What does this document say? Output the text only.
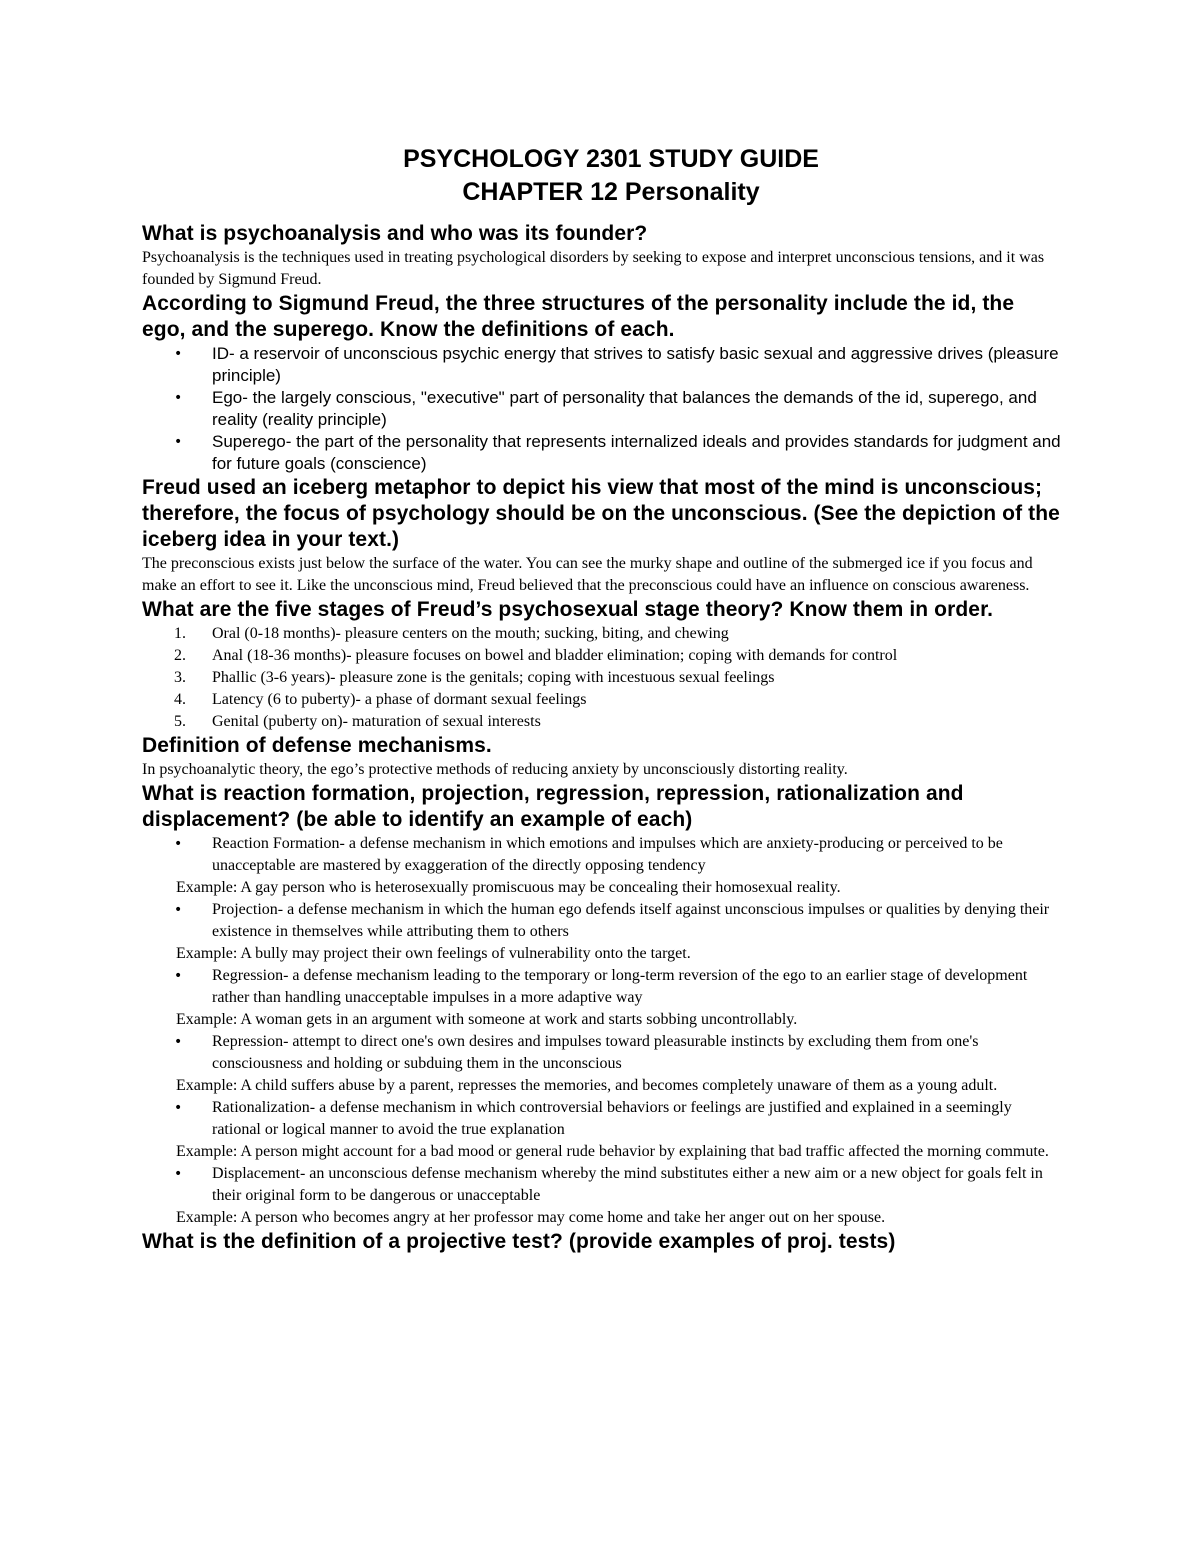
PSYCHOLOGY 2301 STUDY GUIDE

CHAPTER 12 Personality

What is psychoanalysis and who was its founder?

Psychoanalysis is the techniques used in treating psychological disorders by seeking to expose and interpret unconscious tensions, and it was founded by Sigmund Freud.

According to Sigmund Freud, the three structures of the personality include the id, the ego, and the superego. Know the definitions of each.

• ID- a reservoir of unconscious psychic energy that strives to satisfy basic sexual and aggressive drives (pleasure principle)

• Ego- the largely conscious, "executive" part of personality that balances the demands of the id, superego, and reality (reality principle)

• Superego- the part of the personality that represents internalized ideals and provides standards for judgment and for future goals (conscience)

Freud used an iceberg metaphor to depict his view that most of the mind is unconscious; therefore, the focus of psychology should be on the unconscious. (See the depiction of the iceberg idea in your text.)

The preconscious exists just below the surface of the water. You can see the murky shape and outline of the submerged ice if you focus and make an effort to see it. Like the unconscious mind, Freud believed that the preconscious could have an influence on conscious awareness.

What are the five stages of Freud’s psychosexual stage theory? Know them in order.

1. Oral (0-18 months)- pleasure centers on the mouth; sucking, biting, and chewing

2. Anal (18-36 months)- pleasure focuses on bowel and bladder elimination; coping with demands for control

3. Phallic (3-6 years)- pleasure zone is the genitals; coping with incestuous sexual feelings

4. Latency (6 to puberty)- a phase of dormant sexual feelings

5. Genital (puberty on)- maturation of sexual interests

Definition of defense mechanisms.

In psychoanalytic theory, the ego’s protective methods of reducing anxiety by unconsciously distorting reality.

What is reaction formation, projection, regression, repression, rationalization and displacement? (be able to identify an example of each)

• Reaction Formation- a defense mechanism in which emotions and impulses which are anxiety-producing or perceived to be unacceptable are mastered by exaggeration of the directly opposing tendency

Example: A gay person who is heterosexually promiscuous may be concealing their homosexual reality.

• Projection- a defense mechanism in which the human ego defends itself against unconscious impulses or qualities by denying their existence in themselves while attributing them to others

Example: A bully may project their own feelings of vulnerability onto the target.

• Regression- a defense mechanism leading to the temporary or long-term reversion of the ego to an earlier stage of development rather than handling unacceptable impulses in a more adaptive way

Example: A woman gets in an argument with someone at work and starts sobbing uncontrollably.

• Repression- attempt to direct one's own desires and impulses toward pleasurable instincts by excluding them from one's consciousness and holding or subduing them in the unconscious

Example: A child suffers abuse by a parent, represses the memories, and becomes completely unaware of them as a young adult.

• Rationalization- a defense mechanism in which controversial behaviors or feelings are justified and explained in a seemingly rational or logical manner to avoid the true explanation

Example: A person might account for a bad mood or general rude behavior by explaining that bad traffic affected the morning commute.

• Displacement- an unconscious defense mechanism whereby the mind substitutes either a new aim or a new object for goals felt in their original form to be dangerous or unacceptable

Example: A person who becomes angry at her professor may come home and take her anger out on her spouse.

What is the definition of a projective test? (provide examples of proj. tests)
